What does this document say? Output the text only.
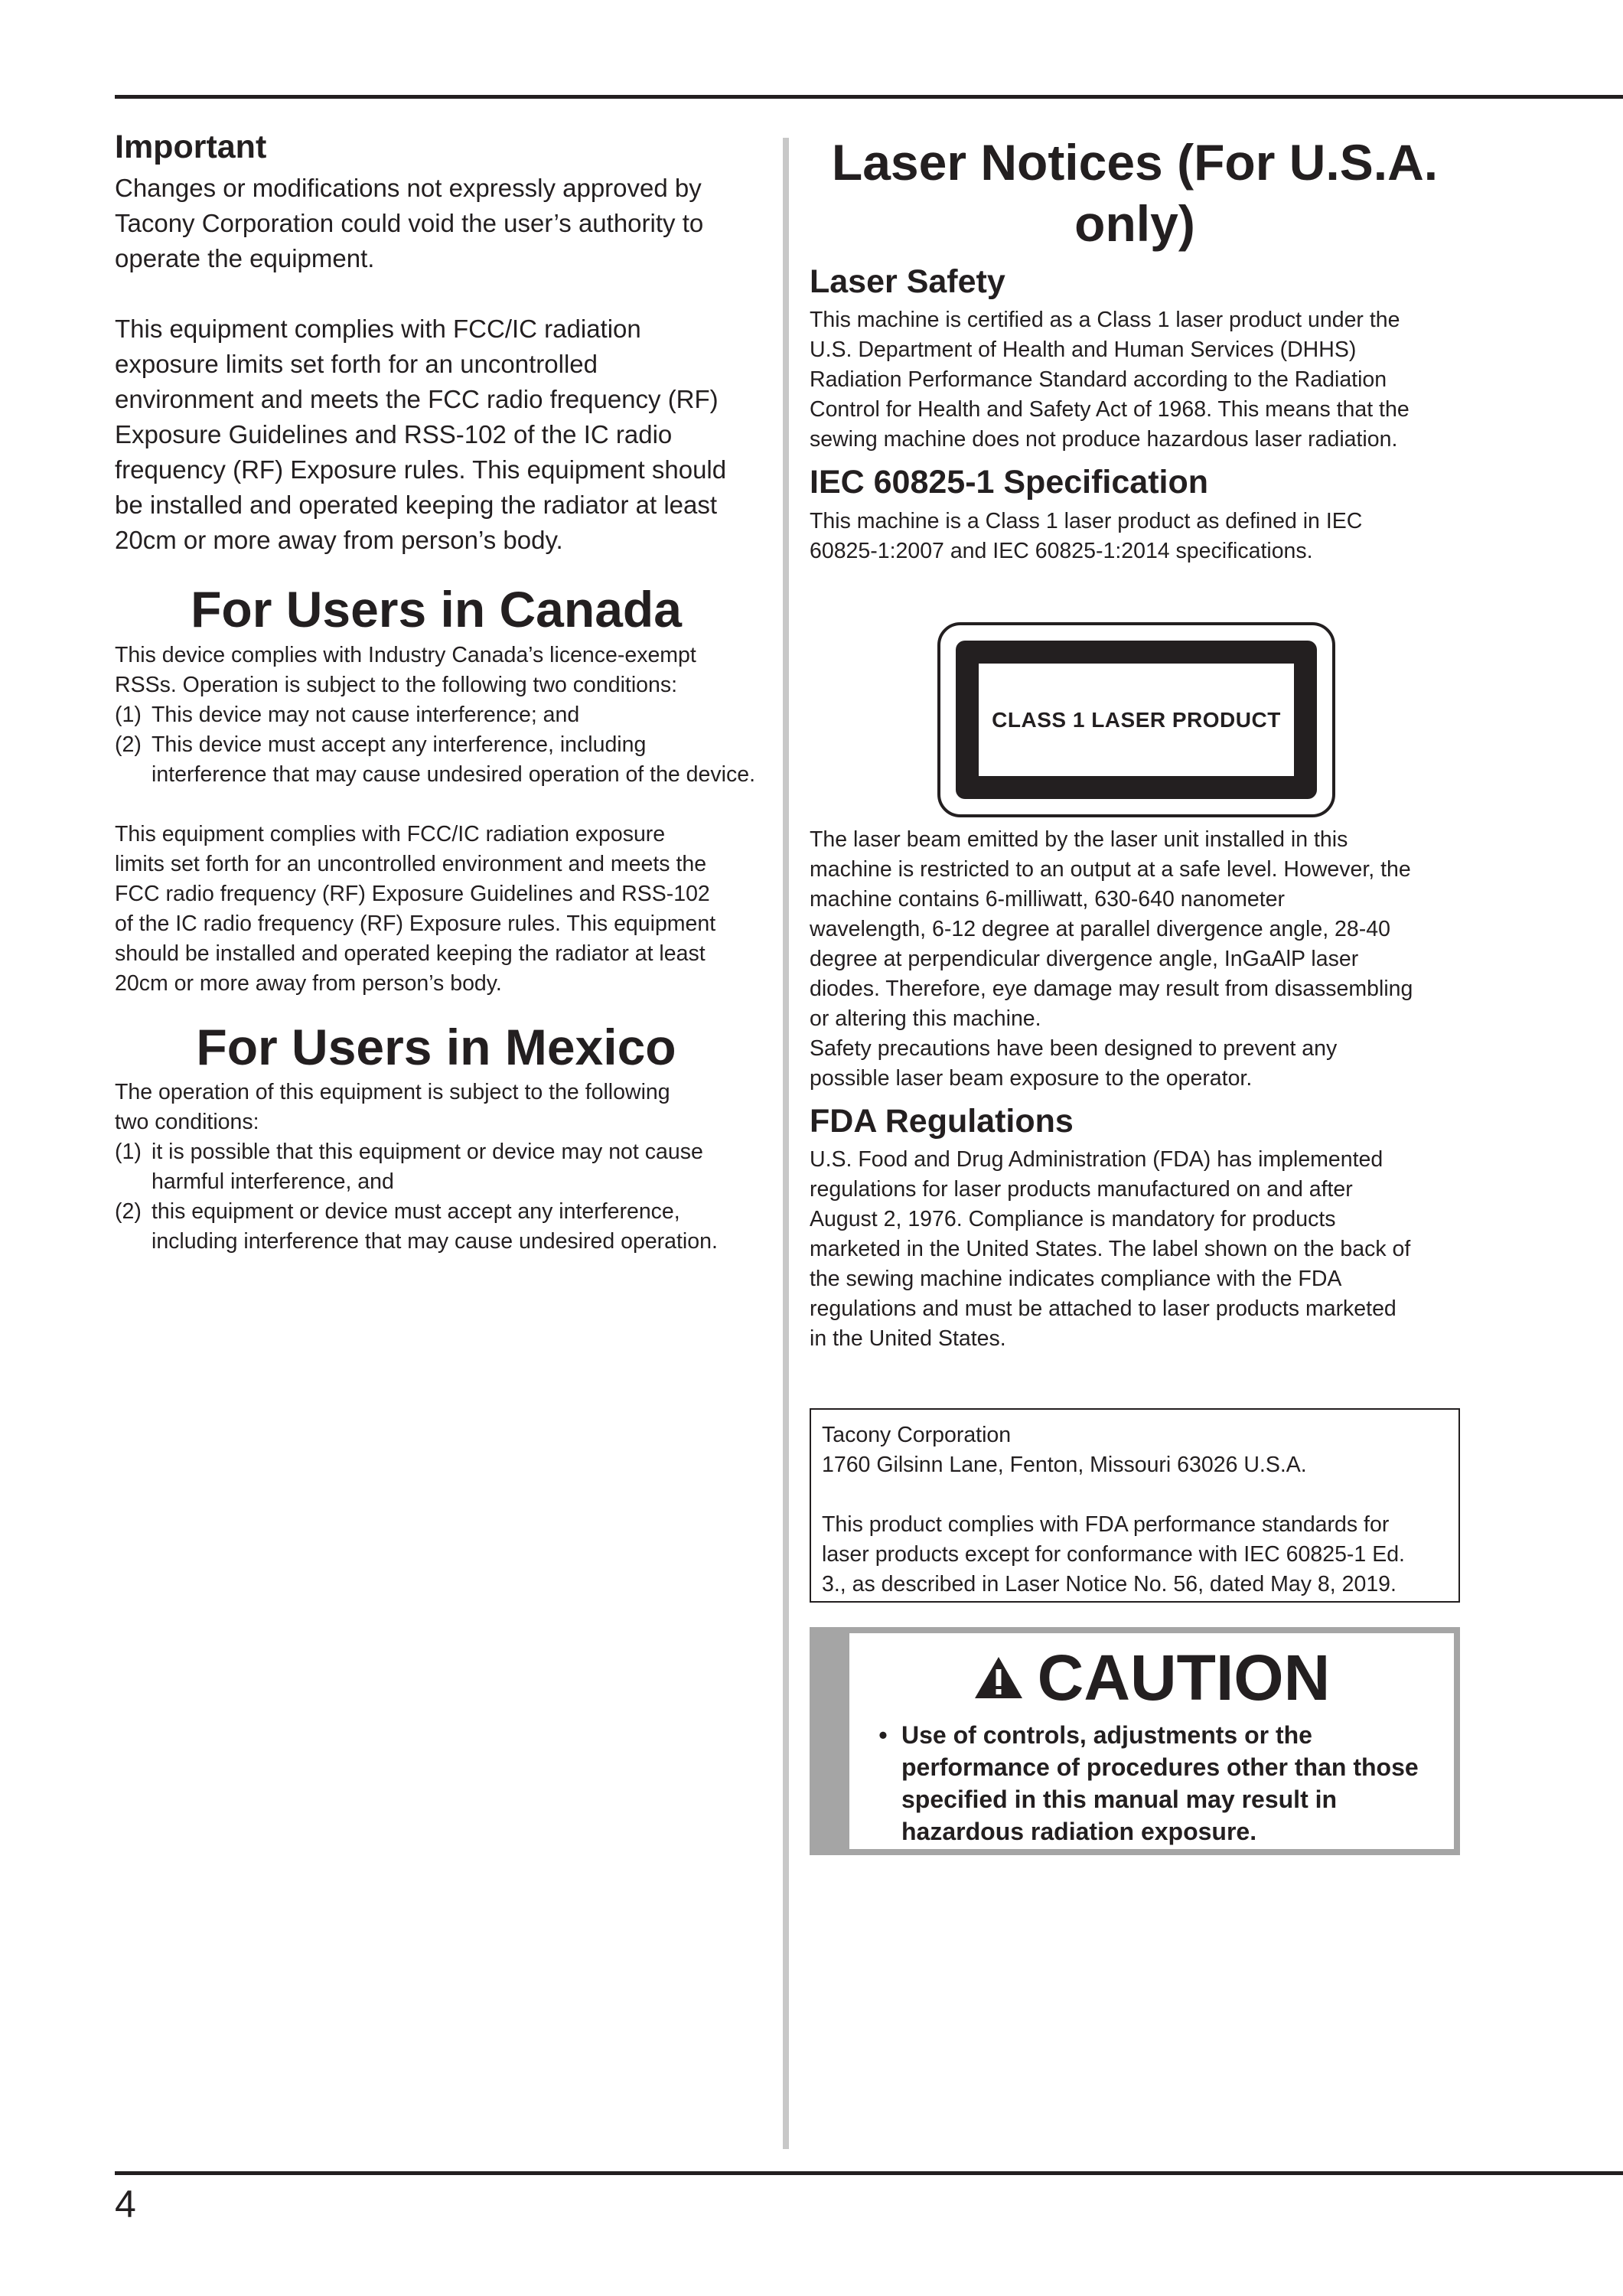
Important
Changes or modifications not expressly approved by
Tacony Corporation could void the user’s authority to
operate the equipment.
This equipment complies with FCC/IC radiation
exposure limits set forth for an uncontrolled
environment and meets the FCC radio frequency (RF)
Exposure Guidelines and RSS-102 of the IC radio
frequency (RF) Exposure rules. This equipment should
be installed and operated keeping the radiator at least
20cm or more away from person’s body.
For Users in Canada
This device complies with Industry Canada’s licence-exempt
RSSs. Operation is subject to the following two conditions:
(1) This device may not cause interference; and
(2) This device must accept any interference, including interference that may cause undesired operation of the device.
This equipment complies with FCC/IC radiation exposure
limits set forth for an uncontrolled environment and meets the
FCC radio frequency (RF) Exposure Guidelines and RSS-102
of the IC radio frequency (RF) Exposure rules. This equipment
should be installed and operated keeping the radiator at least
20cm or more away from person’s body.
For Users in Mexico
The operation of this equipment is subject to the following
two conditions:
(1) it is possible that this equipment or device may not cause harmful interference, and
(2) this equipment or device must accept any interference, including interference that may cause undesired operation.
Laser Notices (For U.S.A.
only)
Laser Safety
This machine is certified as a Class 1 laser product under the
U.S. Department of Health and Human Services (DHHS)
Radiation Performance Standard according to the Radiation
Control for Health and Safety Act of 1968. This means that the
sewing machine does not produce hazardous laser radiation.
IEC 60825-1 Specification
This machine is a Class 1 laser product as defined in IEC
60825-1:2007 and IEC 60825-1:2014 specifications.
The laser beam emitted by the laser unit installed in this
machine is restricted to an output at a safe level. However, the
machine contains 6-milliwatt, 630-640 nanometer
wavelength, 6-12 degree at parallel divergence angle, 28-40
degree at perpendicular divergence angle, InGaAlP laser
diodes. Therefore, eye damage may result from disassembling
or altering this machine.
Safety precautions have been designed to prevent any
possible laser beam exposure to the operator.
FDA Regulations
U.S. Food and Drug Administration (FDA) has implemented
regulations for laser products manufactured on and after
August 2, 1976. Compliance is mandatory for products
marketed in the United States. The label shown on the back of
the sewing machine indicates compliance with the FDA
regulations and must be attached to laser products marketed
in the United States.
CLASS 1 LASER PRODUCT
Tacony Corporation
1760 Gilsinn Lane, Fenton, Missouri 63026 U.S.A.
This product complies with FDA performance standards for
laser products except for conformance with IEC 60825-1 Ed.
3., as described in Laser Notice No. 56, dated May 8, 2019.
CAUTION
• Use of controls, adjustments or the
performance of procedures other than those
specified in this manual may result in
hazardous radiation exposure.
4
